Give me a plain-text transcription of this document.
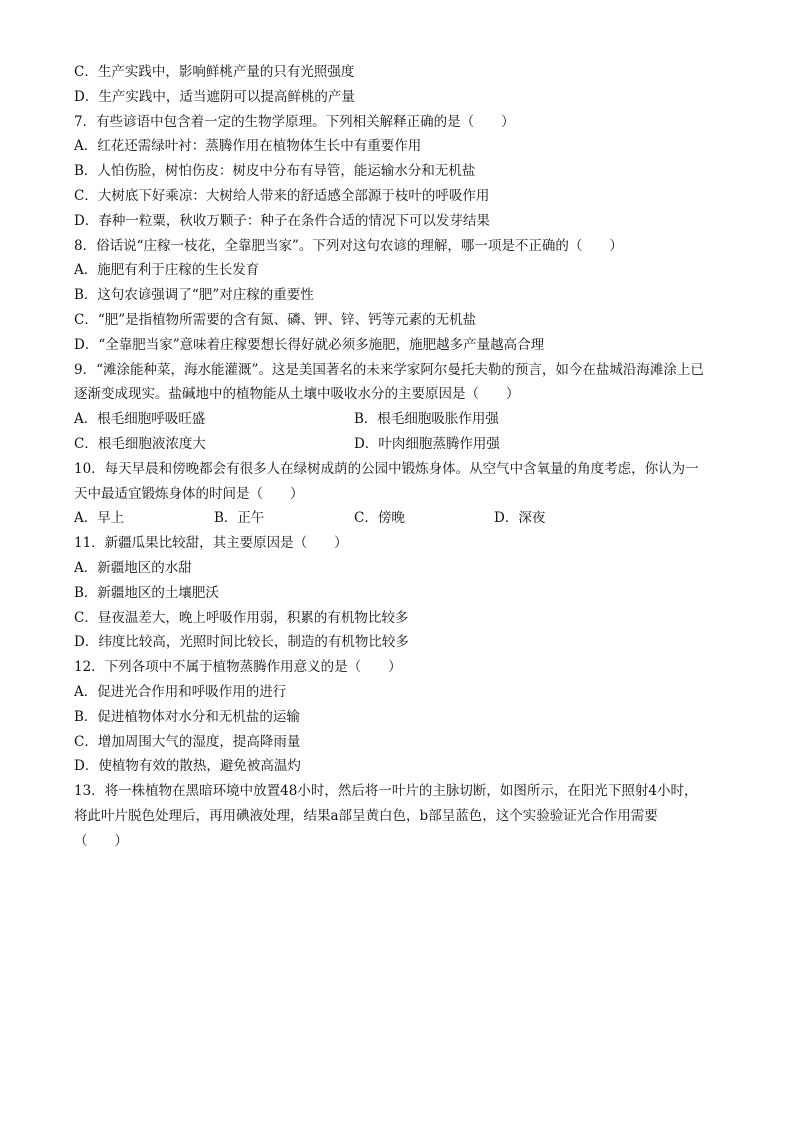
C．生产实践中，影响鲜桃产量的只有光照强度
D．生产实践中，适当遮阴可以提高鲜桃的产量
7．有些谚语中包含着一定的生物学原理。下列相关解释正确的是（　　）
A．红花还需绿叶衬：蒸腾作用在植物体生长中有重要作用
B．人怕伤脸，树怕伤皮：树皮中分布有导管，能运输水分和无机盐
C．大树底下好乘凉：大树给人带来的舒适感全部源于枝叶的呼吸作用
D．春种一粒粟，秋收万颗子：种子在条件合适的情况下可以发芽结果
8．俗话说“庄稼一枝花，全靠肥当家”。下列对这句农谚的理解，哪一项是不正确的（　　）
A．施肥有利于庄稼的生长发育
B．这句农谚强调了“肥”对庄稼的重要性
C．“肥”是指植物所需要的含有氮、磷、钾、锌、钙等元素的无机盐
D．“全靠肥当家”意味着庄稼要想长得好就必须多施肥，施肥越多产量越高合理
9．“滩涂能种菜，海水能灌溉”。这是美国著名的未来学家阿尔曼托夫勒的预言，如今在盐城沿海滩涂上已
逐渐变成现实。盐碱地中的植物能从土壤中吸收水分的主要原因是（　　）
A．根毛细胞呼吸旺盛	B．根毛细胞吸胀作用强
C．根毛细胞液浓度大	D．叶肉细胞蒸腾作用强
10．每天早晨和傍晚都会有很多人在绿树成荫的公园中锻炼身体。从空气中含氧量的角度考虑，你认为一
天中最适宜锻炼身体的时间是（　　）
A．早上	B．正午	C．傍晚	D．深夜
11．新疆瓜果比较甜，其主要原因是（　　）
A．新疆地区的水甜
B．新疆地区的土壤肥沃
C．昼夜温差大，晚上呼吸作用弱，积累的有机物比较多
D．纬度比较高，光照时间比较长，制造的有机物比较多
12．下列各项中不属于植物蒸腾作用意义的是（　　）
A．促进光合作用和呼吸作用的进行
B．促进植物体对水分和无机盐的运输
C．增加周围大气的湿度，提高降雨量
D．使植物有效的散热，避免被高温灼
13．将一株植物在黑暗环境中放置48小时，然后将一叶片的主脉切断，如图所示，在阳光下照射4小时，
将此叶片脱色处理后，再用碘液处理，结果a部呈黄白色，b部呈蓝色，这个实验验证光合作用需要
（　　）
